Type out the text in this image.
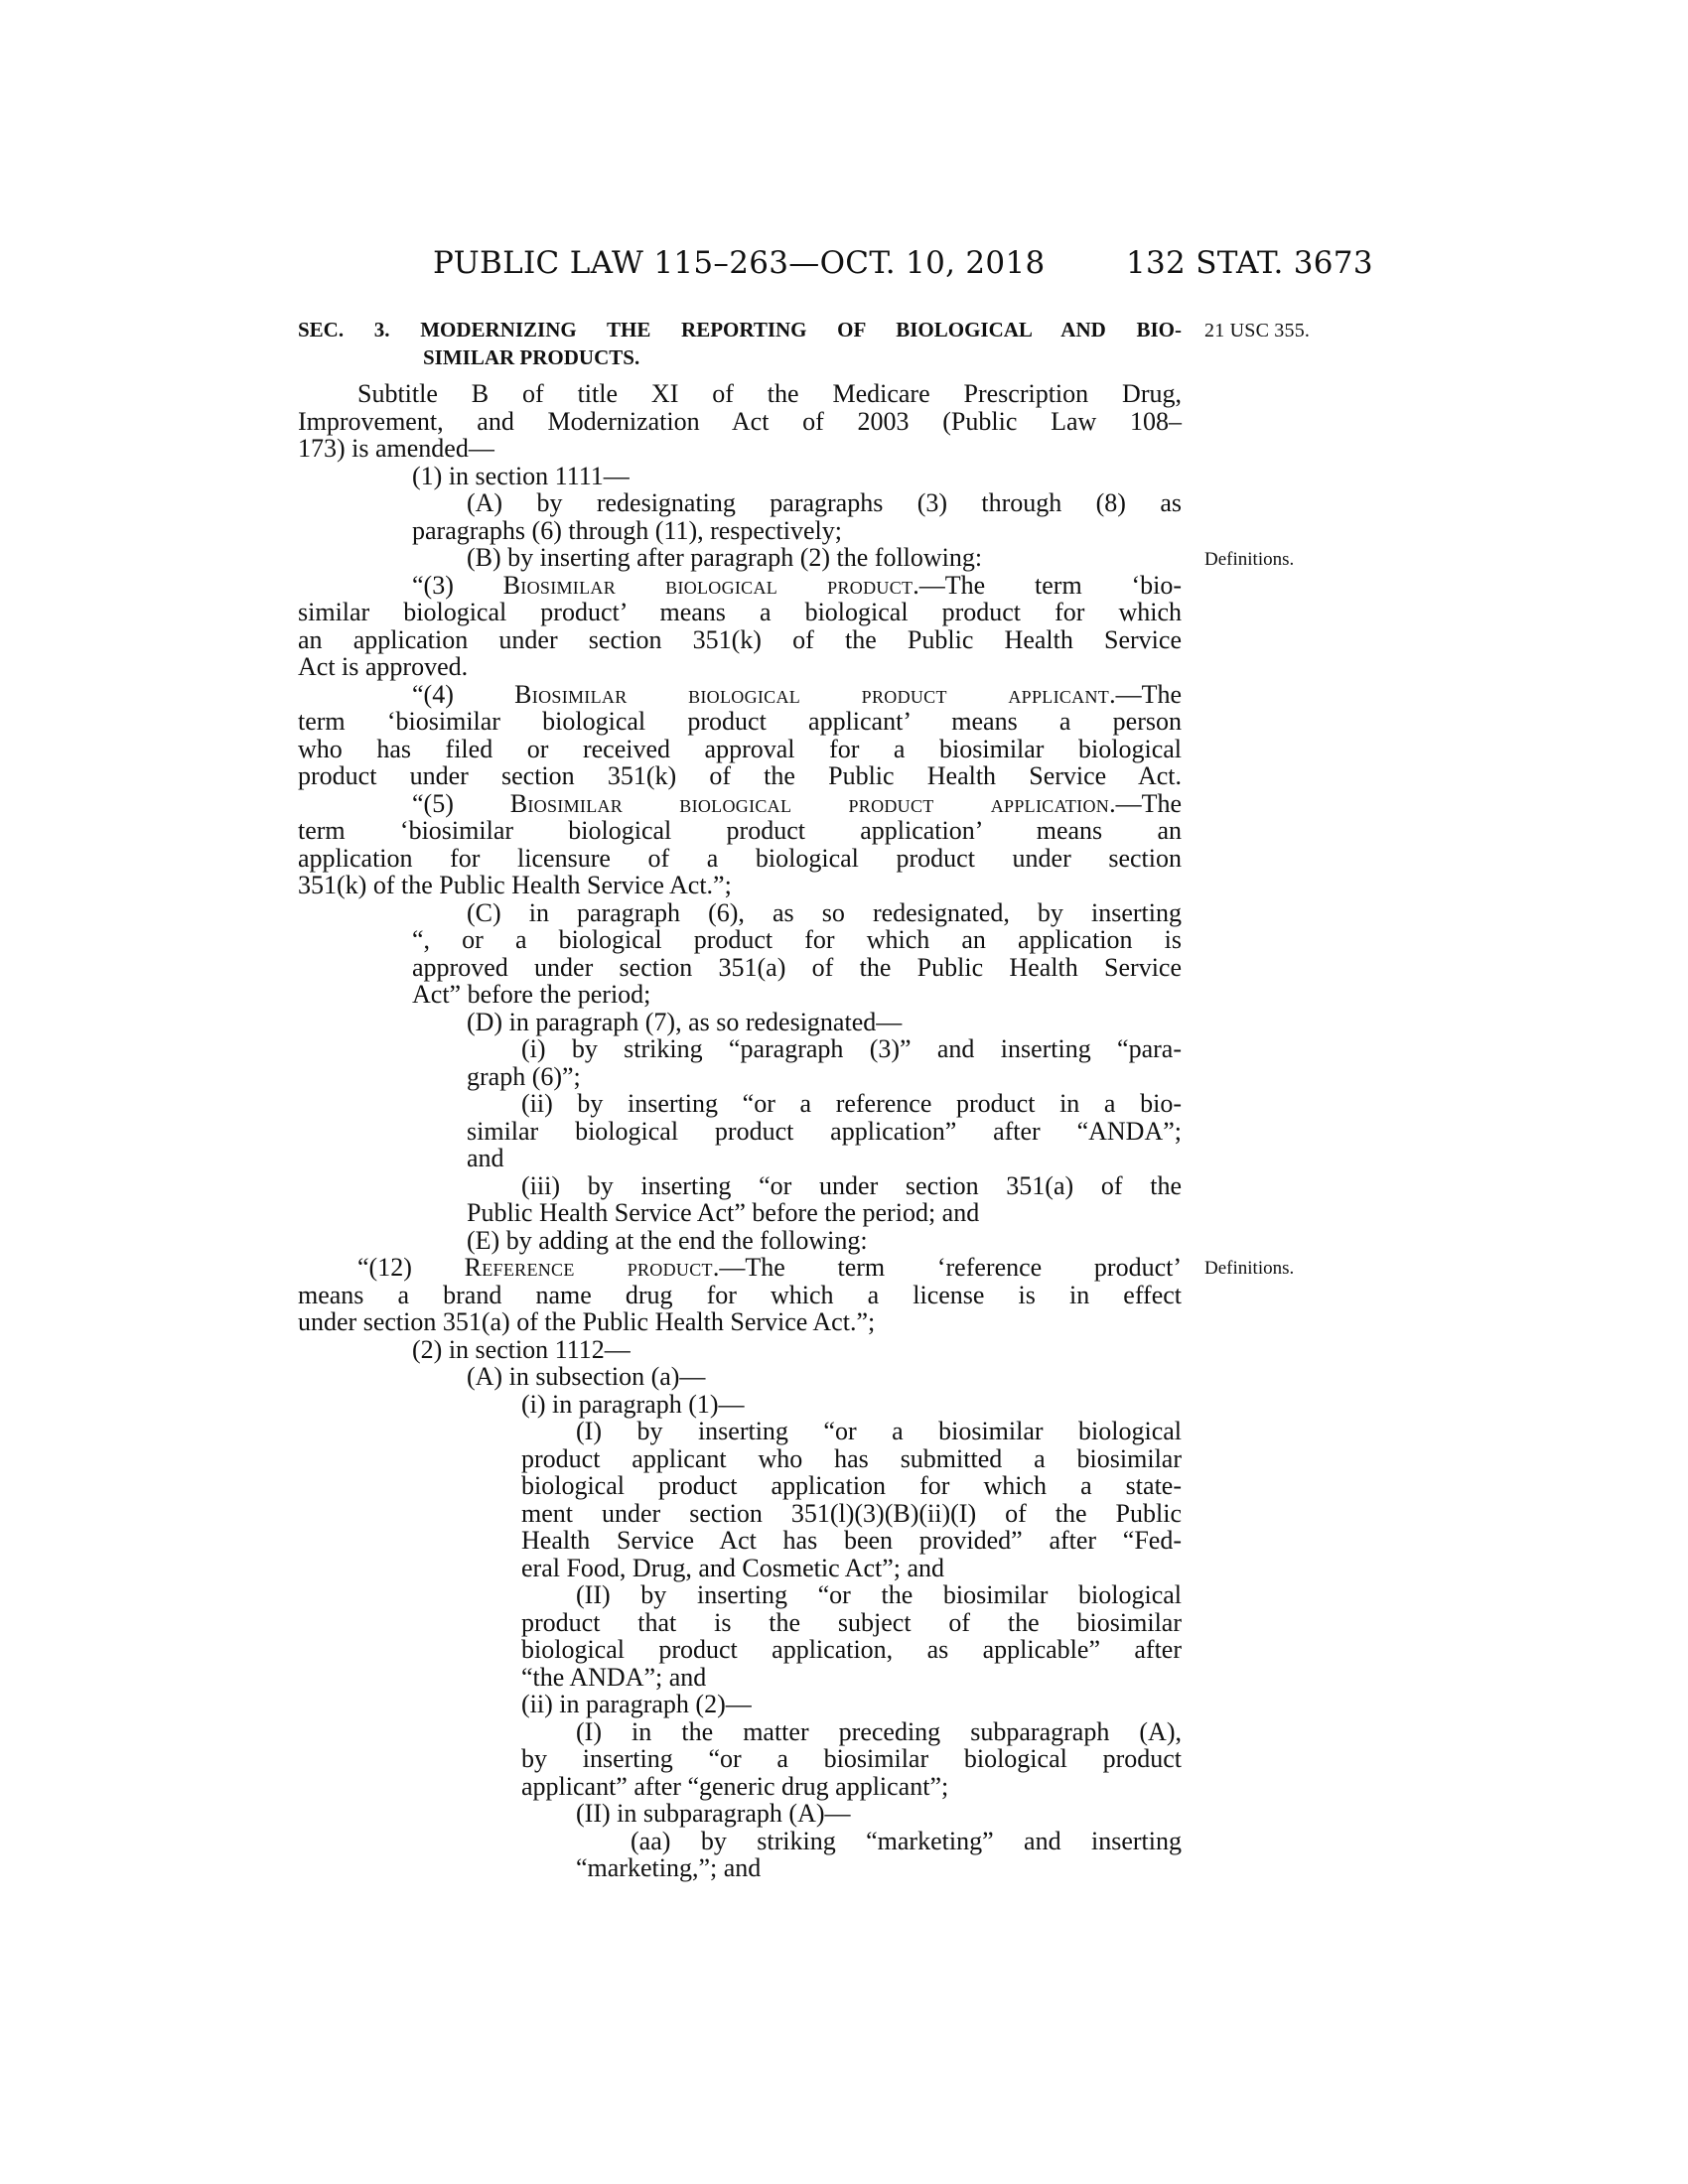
PUBLIC LAW 115–263—OCT. 10, 2018	132 STAT. 3673
21 USC 355.
Definitions.
Definitions.
SEC. 3. MODERNIZING THE REPORTING OF BIOLOGICAL AND BIO-
SIMILAR PRODUCTS.
Subtitle B of title XI of the Medicare Prescription Drug,
Improvement, and Modernization Act of 2003 (Public Law 108–
173) is amended—
(1) in section 1111—
(A) by redesignating paragraphs (3) through (8) as
paragraphs (6) through (11), respectively;
(B) by inserting after paragraph (2) the following:
“(3) Biosimilar biological product.—The term ‘bio-
similar biological product’ means a biological product for which
an application under section 351(k) of the Public Health Service
Act is approved.
“(4) Biosimilar biological product applicant.—The
term ‘biosimilar biological product applicant’ means a person
who has filed or received approval for a biosimilar biological
product under section 351(k) of the Public Health Service Act.
“(5) Biosimilar biological product application.—The
term ‘biosimilar biological product application’ means an
application for licensure of a biological product under section
351(k) of the Public Health Service Act.”;
(C) in paragraph (6), as so redesignated, by inserting
“, or a biological product for which an application is
approved under section 351(a) of the Public Health Service
Act” before the period;
(D) in paragraph (7), as so redesignated—
(i) by striking “paragraph (3)” and inserting “para-
graph (6)”;
(ii) by inserting “or a reference product in a bio-
similar biological product application” after “ANDA”;
and
(iii) by inserting “or under section 351(a) of the
Public Health Service Act” before the period; and
(E) by adding at the end the following:
“(12) Reference product.—The term ‘reference product’
means a brand name drug for which a license is in effect
under section 351(a) of the Public Health Service Act.”;
(2) in section 1112—
(A) in subsection (a)—
(i) in paragraph (1)—
(I) by inserting “or a biosimilar biological
product applicant who has submitted a biosimilar
biological product application for which a state-
ment under section 351(l)(3)(B)(ii)(I) of the Public
Health Service Act has been provided” after “Fed-
eral Food, Drug, and Cosmetic Act”; and
(II) by inserting “or the biosimilar biological
product that is the subject of the biosimilar
biological product application, as applicable” after
“the ANDA”; and
(ii) in paragraph (2)—
(I) in the matter preceding subparagraph (A),
by inserting “or a biosimilar biological product
applicant” after “generic drug applicant”;
(II) in subparagraph (A)—
(aa) by striking “marketing” and inserting
“marketing,”; and
